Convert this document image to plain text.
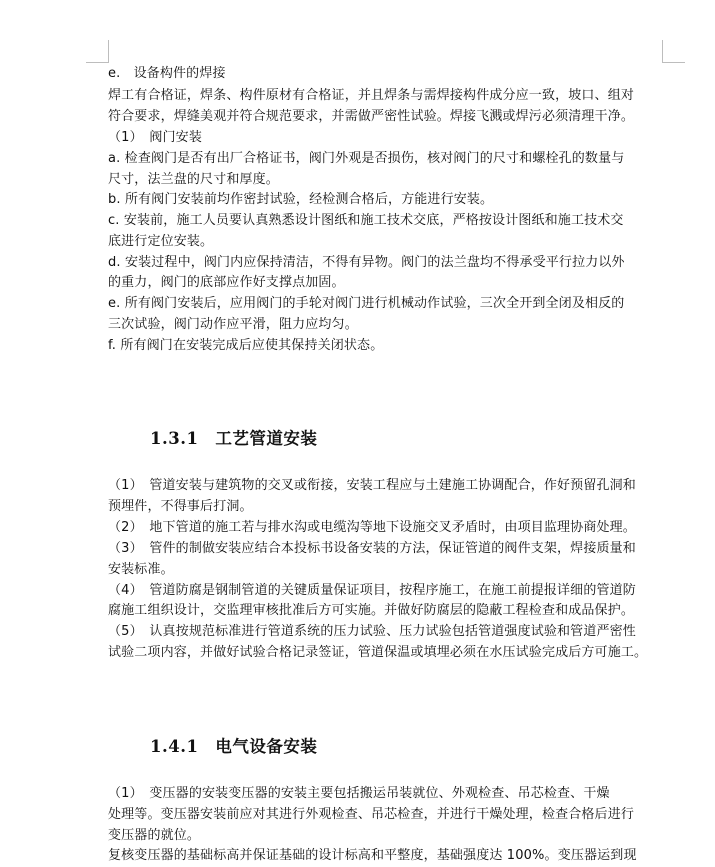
e.　设备构件的焊接
焊工有合格证，焊条、构件原材有合格证，并且焊条与需焊接构件成分应一致，坡口、组对
符合要求，焊缝美观并符合规范要求，并需做严密性试验。焊接飞溅或焊污必须清理干净。
（1）　阀门安装
a. 检查阀门是否有出厂合格证书，阀门外观是否损伤，核对阀门的尺寸和螺栓孔的数量与
尺寸，法兰盘的尺寸和厚度。
b. 所有阀门安装前均作密封试验，经检测合格后，方能进行安装。
c. 安装前，施工人员要认真熟悉设计图纸和施工技术交底，严格按设计图纸和施工技术交
底进行定位安装。
d. 安装过程中，阀门内应保持清洁，不得有异物。阀门的法兰盘均不得承受平行拉力以外
的重力，阀门的底部应作好支撑点加固。
e. 所有阀门安装后，应用阀门的手轮对阀门进行机械动作试验，三次全开到全闭及相反的
三次试验，阀门动作应平滑，阻力应均匀。
f. 所有阀门在安装完成后应使其保持关闭状态。
1.3.1　工艺管道安装
（1）　管道安装与建筑物的交叉或衔接，安装工程应与土建施工协调配合，作好预留孔洞和
预埋件，不得事后打洞。
（2）　地下管道的施工若与排水沟或电缆沟等地下设施交叉矛盾时，由项目监理协商处理。
（3）　管件的制做安装应结合本投标书设备安装的方法，保证管道的阀件支架，焊接质量和
安装标准。
（4）　管道防腐是钢制管道的关键质量保证项目，按程序施工，在施工前提报详细的管道防
腐施工组织设计，交监理审核批准后方可实施。并做好防腐层的隐蔽工程检查和成品保护。
（5）　认真按规范标准进行管道系统的压力试验、压力试验包括管道强度试验和管道严密性
试验二项内容，并做好试验合格记录签证，管道保温或填埋必须在水压试验完成后方可施工。
1.4.1　电气设备安装
（1）　变压器的安装变压器的安装主要包括搬运吊装就位、外观检查、吊芯检查、干燥
处理等。变压器安装前应对其进行外观检查、吊芯检查，并进行干燥处理，检查合格后进行
变压器的就位。
复核变压器的基础标高并保证基础的设计标高和平整度，基础强度达 100%。变压器运到现
